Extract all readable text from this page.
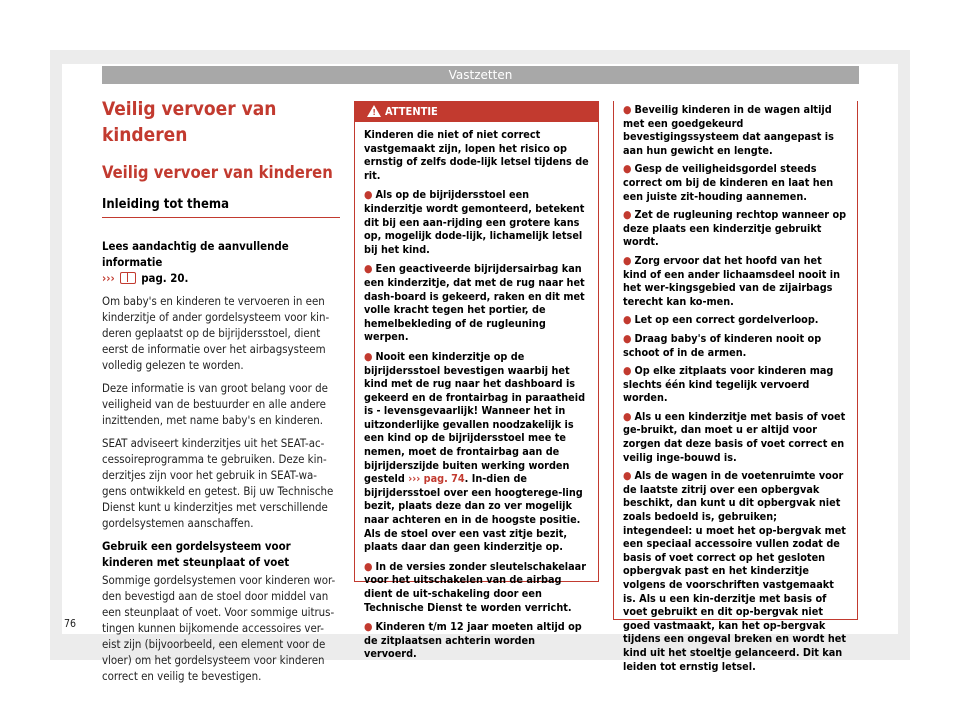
Vastzetten
Veilig vervoer van kinderen
Veilig vervoer van kinderen
Inleiding tot thema

Lees aandachtig de aanvullende informatie
››› pag. 20.

Om baby's en kinderen te vervoeren in een kinderzitje of ander gordelsysteem voor kin-deren geplaatst op de bijrijdersstoel, dient eerst de informatie over het airbagsysteem volledig gelezen te worden.

Deze informatie is van groot belang voor de veiligheid van de bestuurder en alle andere inzittenden, met name baby's en kinderen.

SEAT adviseert kinderzitjes uit het SEAT-ac-cessoireprogramma te gebruiken. Deze kin-derzitjes zijn voor het gebruik in SEAT-wa-gens ontwikkeld en getest. Bij uw Technische Dienst kunt u kinderzitjes met verschillende gordelsystemen aanschaffen.

Gebruik een gordelsysteem voor kinderen met steunplaat of voet

Sommige gordelsystemen voor kinderen wor-den bevestigd aan de stoel door middel van een steunplaat of voet. Voor sommige uitrus-tingen kunnen bijkomende accessoires ver-eist zijn (bijvoorbeeld, een element voor de vloer) om het gordelsysteem voor kinderen correct en veilig te bevestigen.

76
! ATTENTIE

Kinderen die niet of niet correct vastgemaakt zijn, lopen het risico op ernstig of zelfs dode-lijk letsel tijdens de rit.

● Als op de bijrijdersstoel een kinderzitje wordt gemonteerd, betekent dit bij een aan-rijding een grotere kans op, mogelijk dode-lijk, lichamelijk letsel bij het kind.
● Een geactiveerde bijrijdersairbag kan een kinderzitje, dat met de rug naar het dash-board is gekeerd, raken en dit met volle kracht tegen het portier, de hemelbekleding of de rugleuning werpen.
● Nooit een kinderzitje op de bijrijdersstoel bevestigen waarbij het kind met de rug naar het dashboard is gekeerd en de frontairbag in paraatheid is - levensgevaarlijk! Wanneer het in uitzonderlijke gevallen noodzakelijk is een kind op de bijrijdersstoel mee te nemen, moet de frontairbag aan de bijrijderszijde buiten werking worden gesteld ››› pag. 74. In-dien de bijrijdersstoel over een hoogterege-ling bezit, plaats deze dan zo ver mogelijk naar achteren en in de hoogste positie. Als de stoel over een vast zitje bezit, plaats daar dan geen kinderzitje op.
● In de versies zonder sleutelschakelaar voor het uitschakelen van de airbag dient de uit-schakeling door een Technische Dienst te worden verricht.
● Kinderen t/m 12 jaar moeten altijd op de zitplaatsen achterin worden vervoerd.
● Beveilig kinderen in de wagen altijd met een goedgekeurd bevestigingssysteem dat aangepast is aan hun gewicht en lengte.
● Gesp de veiligheidsgordel steeds correct om bij de kinderen en laat hen een juiste zit-houding aannemen.
● Zet de rugleuning rechtop wanneer op deze plaats een kinderzitje gebruikt wordt.
● Zorg ervoor dat het hoofd van het kind of een ander lichaamsdeel nooit in het wer-kingsgebied van de zijairbags terecht kan ko-men.
● Let op een correct gordelverloop.
● Draag baby's of kinderen nooit op schoot of in de armen.
● Op elke zitplaats voor kinderen mag slechts één kind tegelijk vervoerd worden.
● Als u een kinderzitje met basis of voet ge-bruikt, dan moet u er altijd voor zorgen dat deze basis of voet correct en veilig inge-bouwd is.
● Als de wagen in de voetenruimte voor de laatste zitrij over een opbergvak beschikt, dan kunt u dit opbergvak niet zoals bedoeld is, gebruiken; integendeel: u moet het op-bergvak met een speciaal accessoire vullen zodat de basis of voet correct op het gesloten opbergvak past en het kinderzitje volgens de voorschriften vastgemaakt is. Als u een kin-derzitje met basis of voet gebruikt en dit op-bergvak niet goed vastmaakt, kan het op-bergvak tijdens een ongeval breken en wordt het kind uit het stoeltje gelanceerd. Dit kan leiden tot ernstig letsel.
